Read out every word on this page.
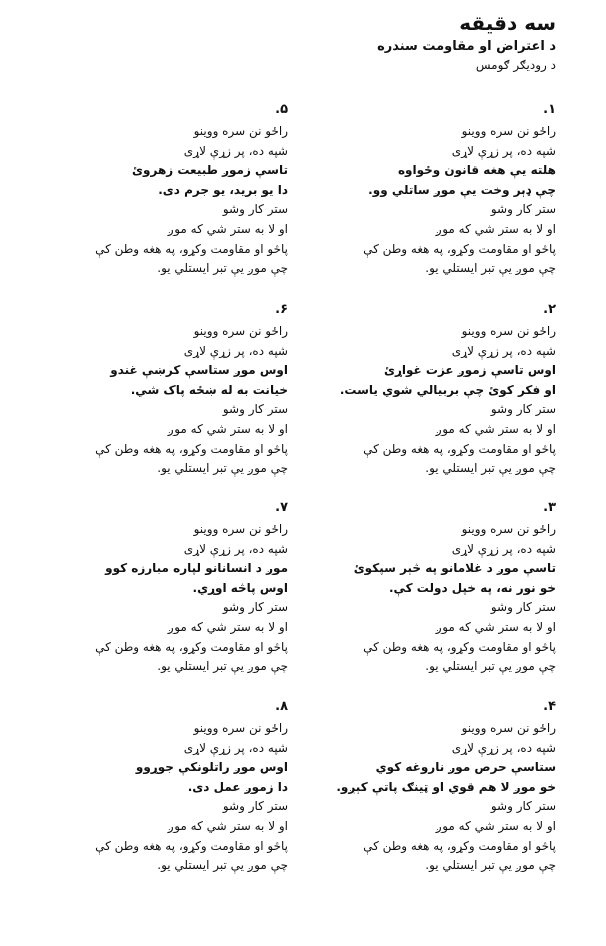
سه دقیقه
د اعتراض او مقاومت سندره
د رودیګر ګومس
۱.
راځو نن سره وو‌ینو
شپه ده، پر زړې لاړی
هلته یې هغه قانون وځواوه
چې ډېر وخت یې موږ ساتلي وو.
ستر کار وشو
او لا به ستر شي که موږ
پاڅو او مقاومت وکړو، په هغه وطن کې
چې موږ یې تبر ایستلي یو.
۲.
راځو نن سره وو‌ینو
شپه ده، پر زړې لاړی
اوس تاسې زموږ عزت غواړئ
او فکر کوئ چې بربیالي شوي یاست.
ستر کار وشو
او لا به ستر شي که موږ
پاڅو او مقاومت وکړو، په هغه وطن کې
چې موږ یې تبر ایستلي یو.
۳.
راځو نن سره وو‌ینو
شپه ده، پر زړې لاړی
تاسې موږ د غلامانو په څېر سپکوئ
خو نور نه، په خپل دولت کې.
ستر کار وشو
او لا به ستر شي که موږ
پاڅو او مقاومت وکړو، په هغه وطن کې
چې موږ یې تبر ایستلي یو.
۴.
راځو نن سره وو‌ینو
شپه ده، پر زړې لاړی
ستاسې حرص موږ ناروغه کوي
خو موږ لا هم قوي او ټینګ پاتې کېږو.
ستر کار وشو
او لا به ستر شي که موږ
پاڅو او مقاومت وکړو، په هغه وطن کې
چې موږ یې تبر ایستلي یو.
۵.
راځو نن سره وو‌ینو
شپه ده، پر زړې لاړی
تاسې زموږ طبیعت زهروئ
دا یو برید، یو جرم دی.
ستر کار وشو
او لا به ستر شي که موږ
پاڅو او مقاومت وکړو، په هغه وطن کې
چې موږ یې تبر ایستلي یو.
۶.
راځو نن سره وو‌ینو
شپه ده، پر زړې لاړی
اوس موږ ستاسې کرښې غندو
خیانت به له ښځه پاک شي.
ستر کار وشو
او لا به ستر شي که موږ
پاڅو او مقاومت وکړو، په هغه وطن کې
چې موږ یې تبر ایستلي یو.
۷.
راځو نن سره وو‌ینو
شپه ده، پر زړې لاړی
موږ د انسانانو لپاره مبارزه کوو
اوس پاڅه اوړي.
ستر کار وشو
او لا به ستر شي که موږ
پاڅو او مقاومت وکړو، په هغه وطن کې
چې موږ یې تبر ایستلي یو.
۸.
راځو نن سره وو‌ینو
شپه ده، پر زړې لاړی
اوس موږ راتلونکې جوړوو
دا زموږ عمل دی.
ستر کار وشو
او لا به ستر شي که موږ
پاڅو او مقاومت وکړو، په هغه وطن کې
چې موږ یې تبر ایستلي یو.
